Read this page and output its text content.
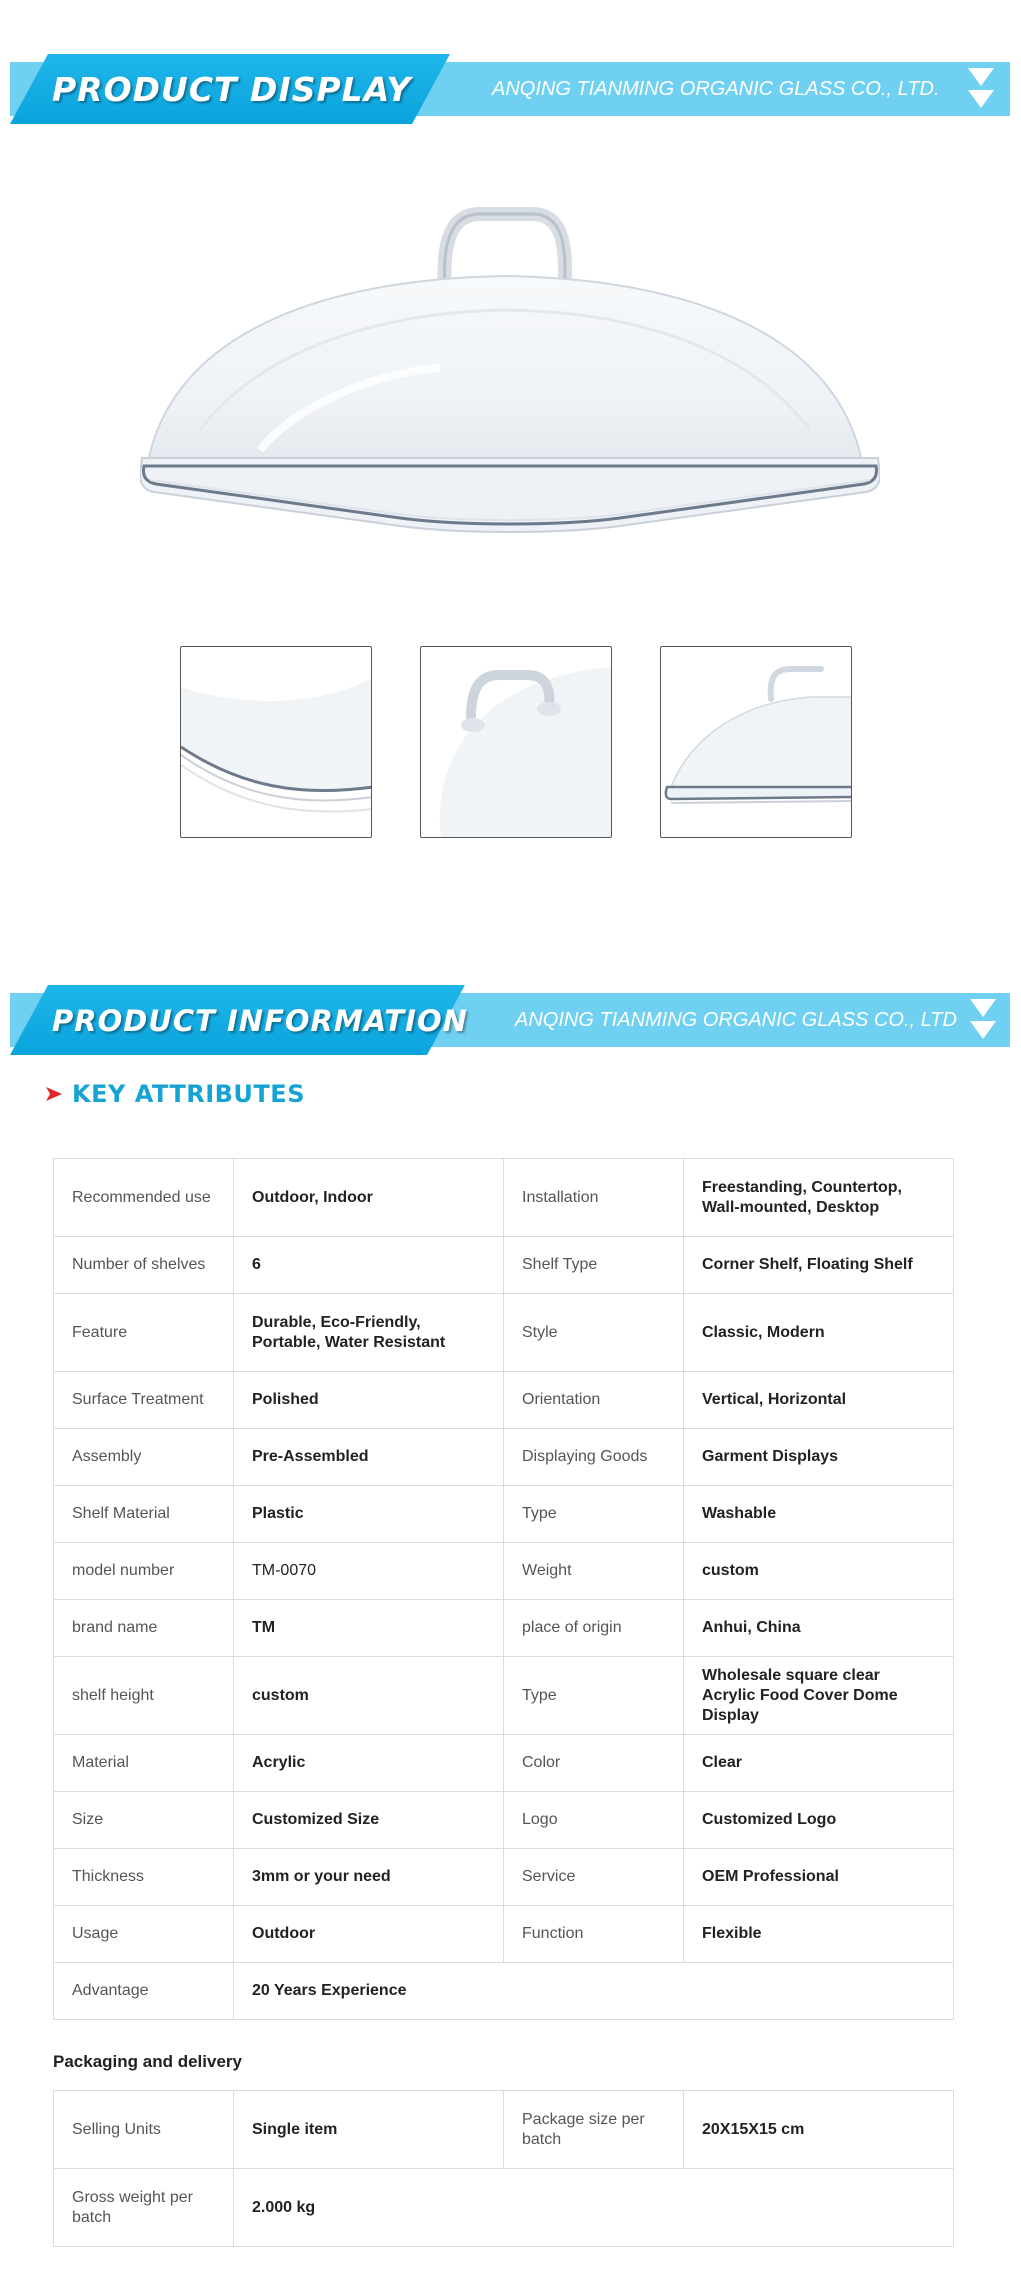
PRODUCT DISPLAY	ANQING TIANMING ORGANIC GLASS CO., LTD.
PRODUCT INFORMATION ANQING TIANMING ORGANIC GLASS CO., LTD
KEY ATTRIBUTES
Recommended use	Outdoor, Indoor	Installation	Freestanding, Countertop, Wall-mounted, Desktop
Number of shelves	6	Shelf Type	Corner Shelf, Floating Shelf
Feature	Durable, Eco-Friendly, Portable, Water Resistant	Style	Classic, Modern
Surface Treatment	Polished	Orientation	Vertical, Horizontal
Assembly	Pre-Assembled	Displaying Goods	Garment Displays
Shelf Material	Plastic	Type	Washable
model number	TM-0070	Weight	custom
brand name	TM	place of origin	Anhui, China
shelf height	custom	Type	Wholesale square clear Acrylic Food Cover Dome Display
Material	Acrylic	Color	Clear
Size	Customized Size	Logo	Customized Logo
Thickness	3mm or your need	Service	OEM Professional
Usage	Outdoor	Function	Flexible
Advantage	20 Years Experience		
Packaging and delivery
Selling Units	Single item	Package size per batch	20X15X15 cm
Gross weight per batch	2.000 kg		
